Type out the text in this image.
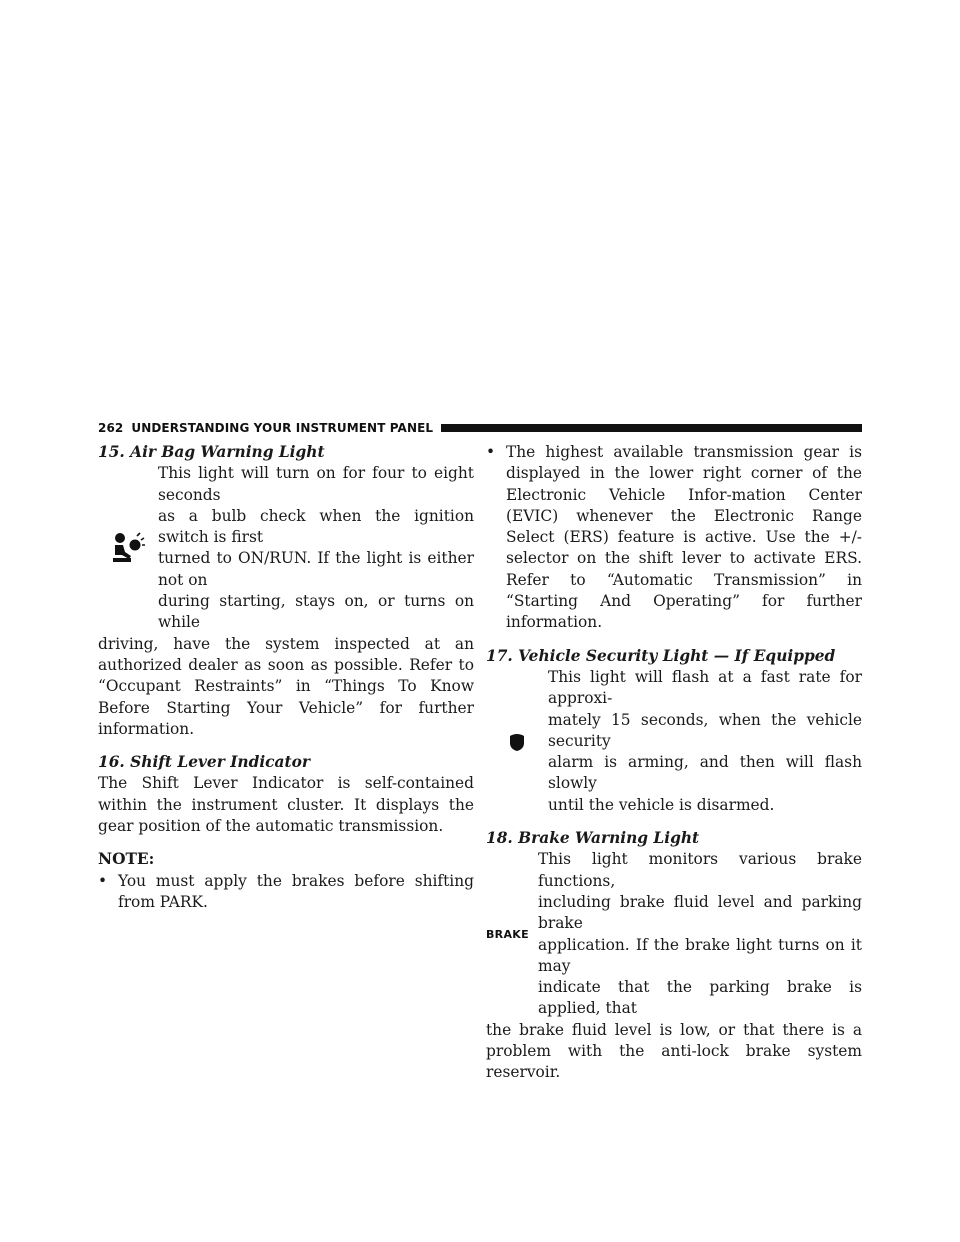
262 UNDERSTANDING YOUR INSTRUMENT PANEL

15. Air Bag Warning Light

This light will turn on for four to eight seconds

as a bulb check when the ignition switch is first

turned to ON/RUN. If the light is either not on

during starting, stays on, or turns on while

driving, have the system inspected at an authorized dealer as soon as possible. Refer to “Occupant Restraints” in “Things To Know Before Starting Your Vehicle” for further information.

16. Shift Lever Indicator

The Shift Lever Indicator is self-contained within the instrument cluster. It displays the gear position of the automatic transmission.

NOTE:

• You must apply the brakes before shifting from PARK.
• The highest available transmission gear is displayed in the lower right corner of the Electronic Vehicle Infor-mation Center (EVIC) whenever the Electronic Range Select (ERS) feature is active. Use the +/- selector on the shift lever to activate ERS. Refer to “Automatic Transmission” in “Starting And Operating” for further information.

17. Vehicle Security Light — If Equipped

This light will flash at a fast rate for approxi-

mately 15 seconds, when the vehicle security

alarm is arming, and then will flash slowly

until the vehicle is disarmed.

18. Brake Warning Light

BRAKE

This light monitors various brake functions,

including brake fluid level and parking brake

application. If the brake light turns on it may

indicate that the parking brake is applied, that

the brake fluid level is low, or that there is a problem with the anti-lock brake system reservoir.
